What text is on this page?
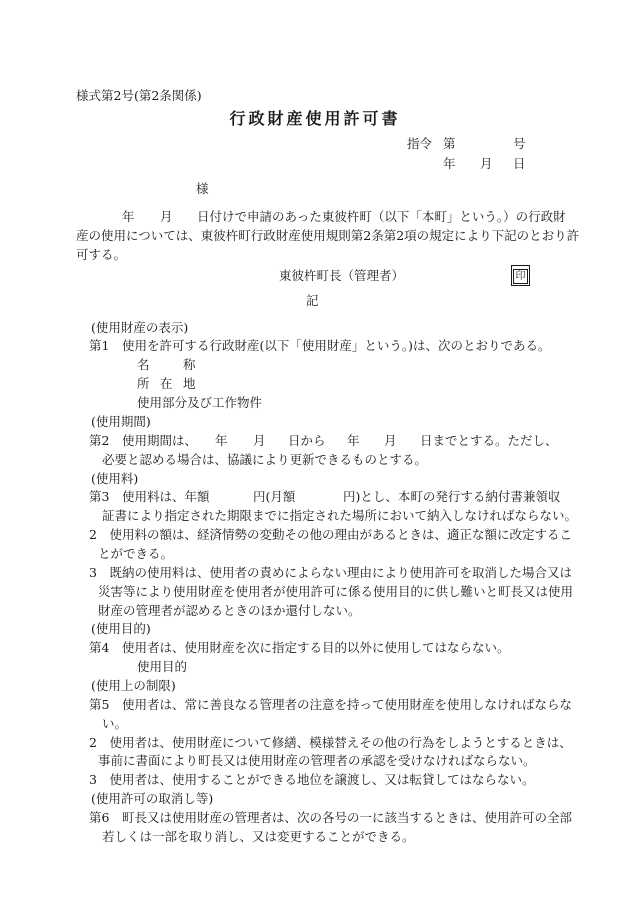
様式第2号(第2条関係)
行政財産使用許可書
指令 第	号
年 月 日
様
年 月 日付けで申請のあった東彼杵町（以下「本町」という。）の行政財
産の使用については、東彼杵町行政財産使用規則第2条第2項の規定により下記のとおり許
可する。
東彼杵町長（管理者）	印
記
(使用財産の表示)
第1　使用を許可する行政財産(以下「使用財産」という。)は、次のとおりである。
名	称
所 在 地
使用部分及び工作物件
(使用期間)
第2　使用期間は、 年 月 日から 年 月 日までとする。ただし、
必要と認める場合は、協議により更新できるものとする。
(使用料)
第3　使用料は、年額	円(月額	円)とし、本町の発行する納付書兼領収
証書により指定された期限までに指定された場所において納入しなければならない。
2　使用料の額は、経済情勢の変動その他の理由があるときは、適正な額に改定するこ
とができる。
3　既納の使用料は、使用者の責めによらない理由により使用許可を取消した場合又は
災害等により使用財産を使用者が使用許可に係る使用目的に供し難いと町長又は使用
財産の管理者が認めるときのほか還付しない。
(使用目的)
第4　使用者は、使用財産を次に指定する目的以外に使用してはならない。
使用目的
(使用上の制限)
第5　使用者は、常に善良なる管理者の注意を持って使用財産を使用しなければならな
い。
2　使用者は、使用財産について修繕、模様替えその他の行為をしようとするときは、
事前に書面により町長又は使用財産の管理者の承認を受けなければならない。
3　使用者は、使用することができる地位を譲渡し、又は転貸してはならない。
(使用許可の取消し等)
第6　町長又は使用財産の管理者は、次の各号の一に該当するときは、使用許可の全部
若しくは一部を取り消し、又は変更することができる。
